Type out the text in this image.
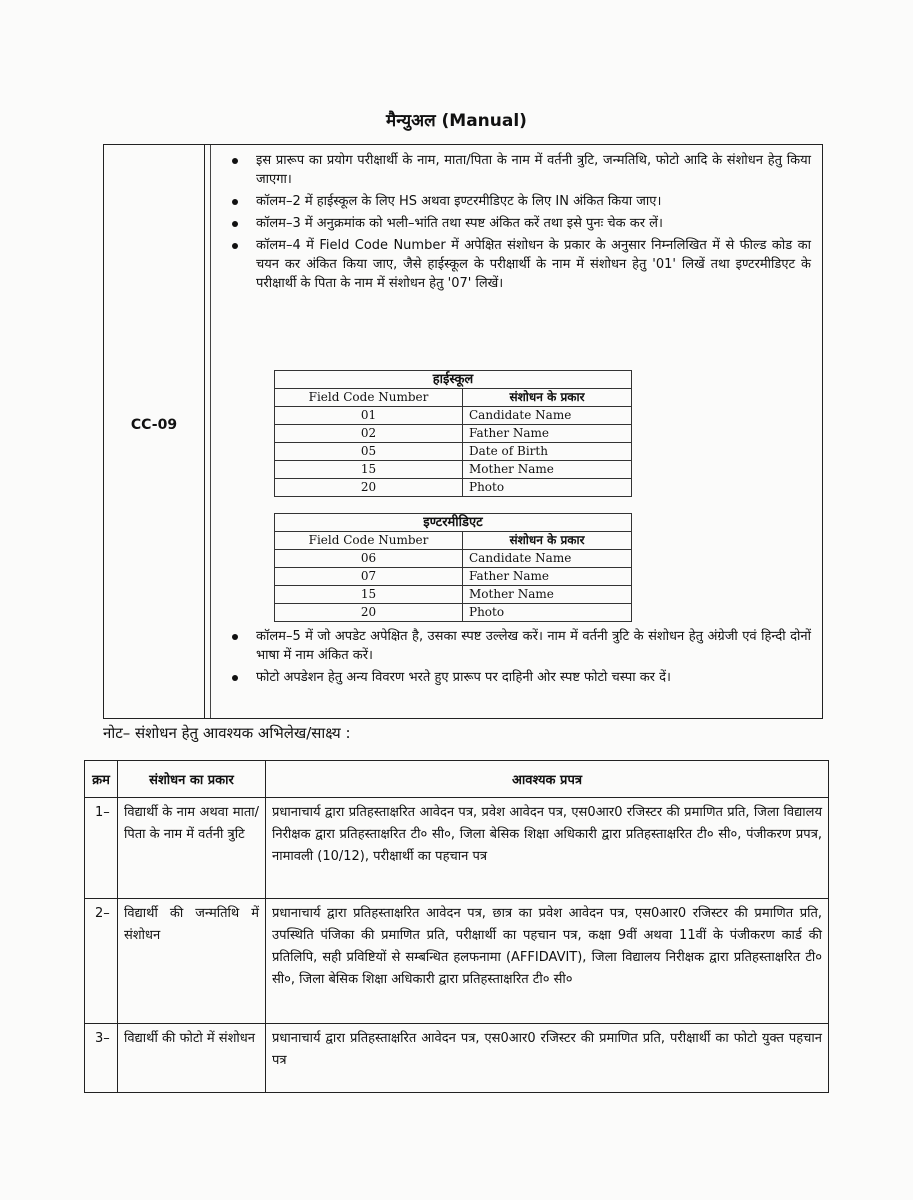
मैन्युअल (Manual)
CC-09
इस प्रारूप का प्रयोग परीक्षार्थी के नाम, माता/पिता के नाम में वर्तनी त्रुटि, जन्मतिथि, फोटो आदि के संशोधन हेतु किया जाएगा।
कॉलम–2 में हाईस्कूल के लिए HS अथवा इण्टरमीडिएट के लिए IN अंकित किया जाए।
कॉलम–3 में अनुक्रमांक को भली–भांति तथा स्पष्ट अंकित करें तथा इसे पुनः चेक कर लें।
कॉलम–4 में Field Code Number में अपेक्षित संशोधन के प्रकार के अनुसार निम्नलिखित में से फील्ड कोड का चयन कर अंकित किया जाए, जैसे हाईस्कूल के परीक्षार्थी के नाम में संशोधन हेतु '01' लिखें तथा इण्टरमीडिएट के परीक्षार्थी के पिता के नाम में संशोधन हेतु '07' लिखें।
हाईस्कूल	
Field Code Number	संशोधन के प्रकार
01	Candidate Name
02	Father Name
05	Date of Birth
15	Mother Name
20	Photo
इण्टरमीडिएट	
Field Code Number	संशोधन के प्रकार
06	Candidate Name
07	Father Name
15	Mother Name
20	Photo
कॉलम–5 में जो अपडेट अपेक्षित है, उसका स्पष्ट उल्लेख करें। नाम में वर्तनी त्रुटि के संशोधन हेतु अंग्रेजी एवं हिन्दी दोनों भाषा में नाम अंकित करें।
फोटो अपडेशन हेतु अन्य विवरण भरते हुए प्रारूप पर दाहिनी ओर स्पष्ट फोटो चस्पा कर दें।
नोट– संशोधन हेतु आवश्यक अभिलेख/साक्ष्य :
क्रम	संशोधन का प्रकार	आवश्यक प्रपत्र
1–	विद्यार्थी के नाम अथवा माता/पिता के नाम में वर्तनी त्रुटि	प्रधानाचार्य द्वारा प्रतिहस्ताक्षरित आवेदन पत्र, प्रवेश आवेदन पत्र, एस0आर0 रजिस्टर की प्रमाणित प्रति, जिला विद्यालय निरीक्षक द्वारा प्रतिहस्ताक्षरित टी० सी०, जिला बेसिक शिक्षा अधिकारी द्वारा प्रतिहस्ताक्षरित टी० सी०, पंजीकरण प्रपत्र, नामावली (10/12), परीक्षार्थी का पहचान पत्र
2–	विद्यार्थी की जन्मतिथि में संशोधन	प्रधानाचार्य द्वारा प्रतिहस्ताक्षरित आवेदन पत्र, छात्र का प्रवेश आवेदन पत्र, एस0आर0 रजिस्टर की प्रमाणित प्रति, उपस्थिति पंजिका की प्रमाणित प्रति, परीक्षार्थी का पहचान पत्र, कक्षा 9वीं अथवा 11वीं के पंजीकरण कार्ड की प्रतिलिपि, सही प्रविष्टियों से सम्बन्धित हलफनामा (AFFIDAVIT), जिला विद्यालय निरीक्षक द्वारा प्रतिहस्ताक्षरित टी० सी०, जिला बेसिक शिक्षा अधिकारी द्वारा प्रतिहस्ताक्षरित टी० सी०
3–	विद्यार्थी की फोटो में संशोधन	प्रधानाचार्य द्वारा प्रतिहस्ताक्षरित आवेदन पत्र, एस0आर0 रजिस्टर की प्रमाणित प्रति, परीक्षार्थी का फोटो युक्त पहचान पत्र
